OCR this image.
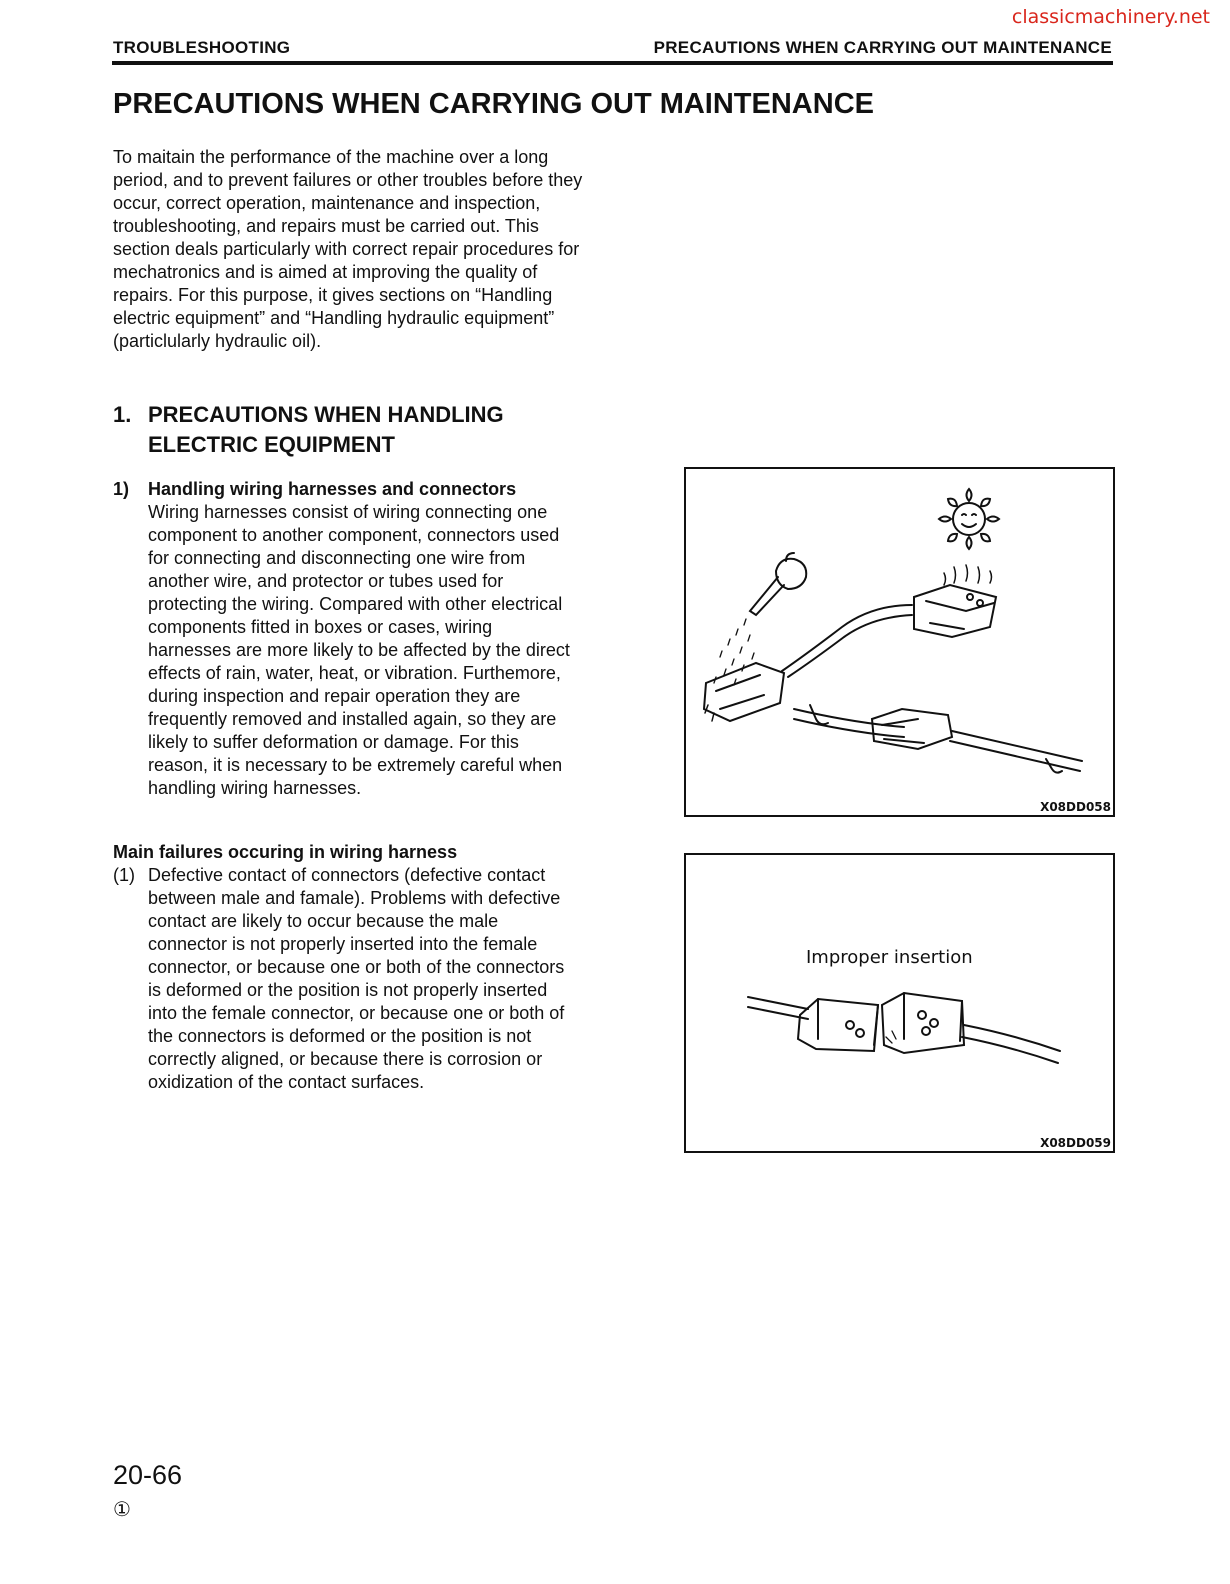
classicmachinery.net
TROUBLESHOOTING	PRECAUTIONS WHEN CARRYING OUT MAINTENANCE
PRECAUTIONS WHEN CARRYING OUT MAINTENANCE

To maitain the performance of the machine over a long period, and to prevent failures or other troubles before they occur, correct operation, maintenance and inspection, troubleshooting, and repairs must be carried out. This section deals particularly with correct repair procedures for mechatronics and is aimed at improving the quality of repairs. For this purpose, it gives sections on “Handling electric equipment” and “Handling hydraulic equipment” (particlularly hydraulic oil).

1. PRECAUTIONS WHEN HANDLING ELECTRIC EQUIPMENT
1) Handling wiring harnesses and connectors

Wiring harnesses consist of wiring connecting one component to another component, connectors used for connecting and disconnecting one wire from another wire, and protector or tubes used for protecting the wiring. Compared with other electrical components fitted in boxes or cases, wiring harnesses are more likely to be affected by the direct effects of rain, water, heat, or vibration. Furthemore, during inspection and repair operation they are frequently removed and installed again, so they are likely to suffer deformation or damage. For this reason, it is necessary to be extremely careful when handling wiring harnesses.

Main failures occuring in wiring harness
(1) Defective contact of connectors (defective contact between male and famale). Problems with defective contact are likely to occur because the male connector is not properly inserted into the female connector, or because one or both of the connectors is deformed or the position is not properly inserted into the female connector, or because one or both of the connectors is deformed or the position is not correctly aligned, or because there is corrosion or oxidization of the contact surfaces.

X08DD058
Improper insertion
X08DD059
20-66
①
